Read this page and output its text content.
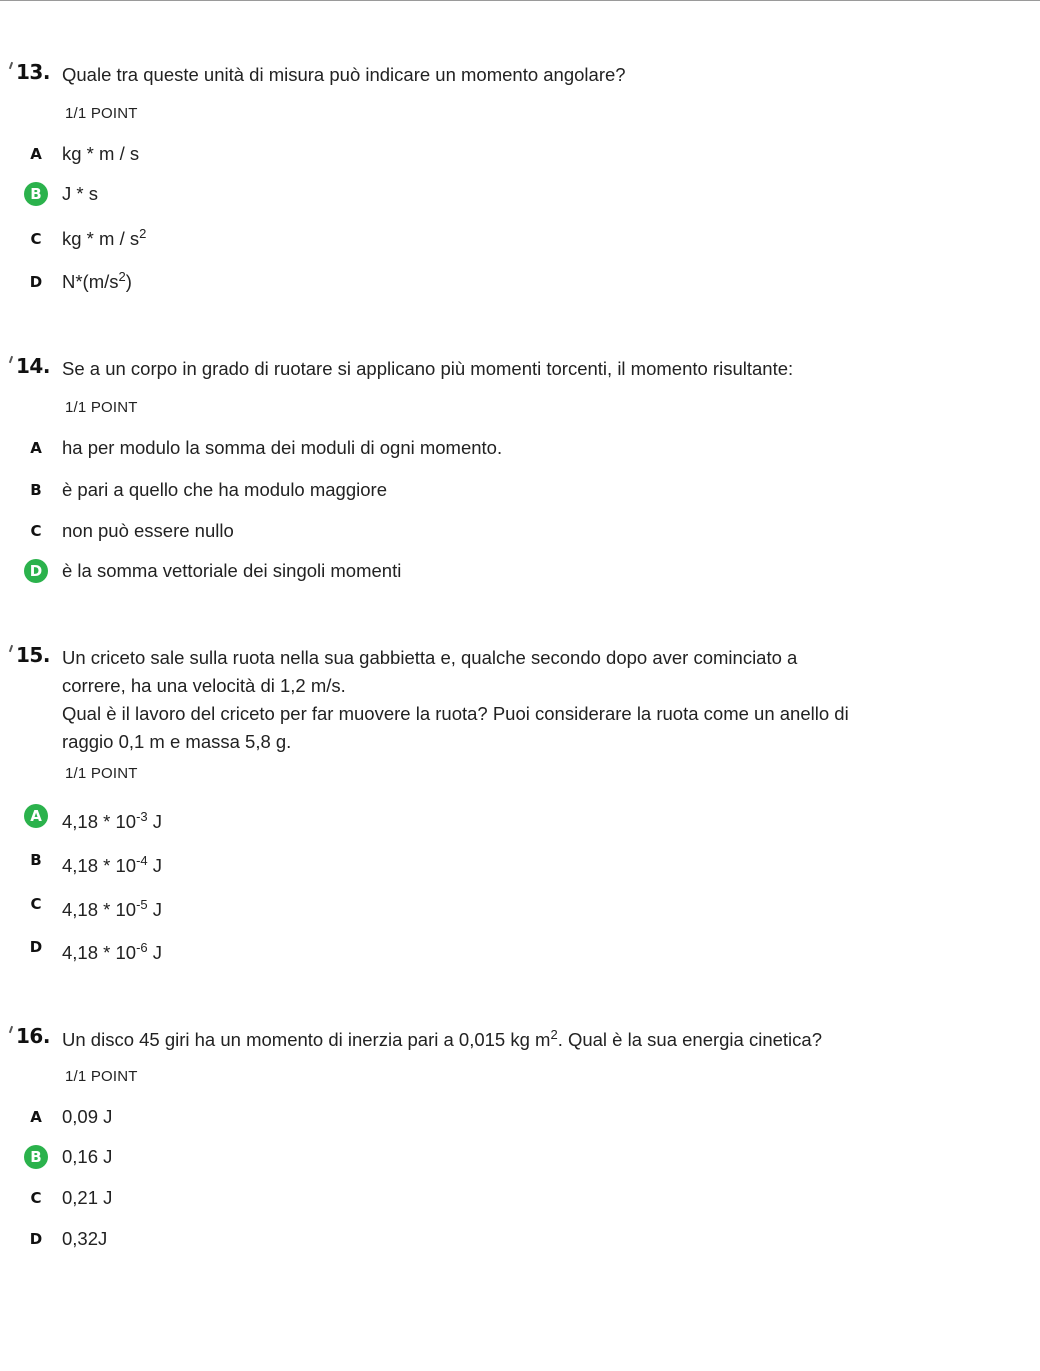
13. Quale tra queste unità di misura può indicare un momento angolare?
1/1 POINT
A	kg * m / s
B	J * s
C	kg * m / $s^2$
D	$N*(m/s^2)$
14. Se a un corpo in grado di ruotare si applicano più momenti torcenti, il momento risultante:
1/1 POINT
A	ha per modulo la somma dei moduli di ogni momento.
B	è pari a quello che ha modulo maggiore
C	non può essere nullo
D	è la somma vettoriale dei singoli momenti
15. Un criceto sale sulla ruota nella sua gabbietta e, qualche secondo dopo aver cominciato a
correre, ha una velocità di 1,2 m/s.
Qual è il lavoro del criceto per far muovere la ruota? Puoi considerare la ruota come un anello di
raggio 0,1 m e massa 5,8 g.
1/1 POINT
A	$4,18 * 10^{-3}$ J
B	$4,18 * 10^{-4}$ J
C	$4,18 * 10^{-5}$ J
D	$4,18 * 10^{-6}$ J
16. Un disco 45 giri ha un momento di inerzia pari a 0,015 kg $m^2$. Qual è la sua energia cinetica?
1/1 POINT
A	0,09 J
B	0,16 J
C	0,21 J
D	0,32J
